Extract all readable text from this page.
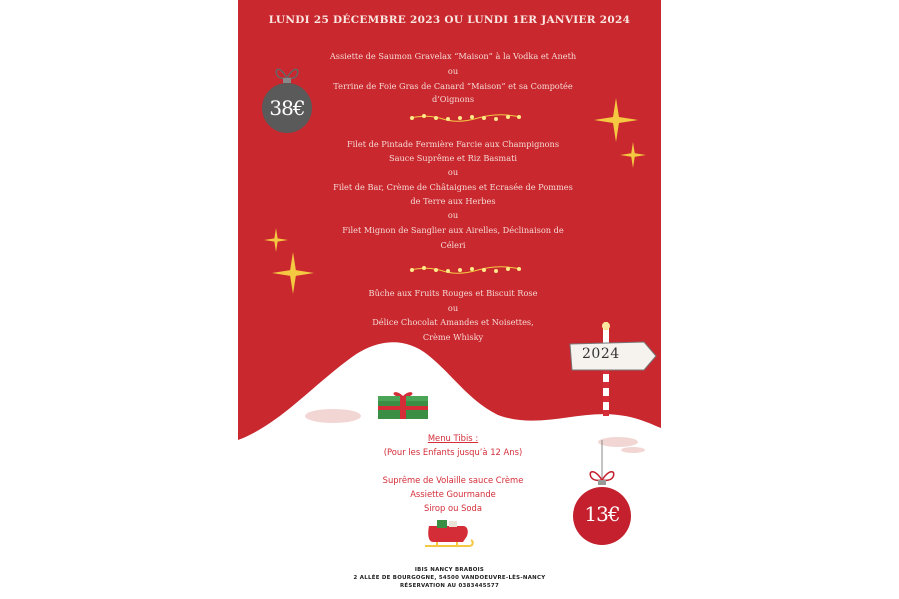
LUNDI 25 DÉCEMBRE 2023 OU LUNDI 1ER JANVIER 2024
Assiette de Saumon Gravelax “Maison” à la Vodka et Aneth
ou
Terrine de Foie Gras de Canard “Maison” et sa Compotée
d’Oignons
Filet de Pintade Fermière Farcie aux Champignons
Sauce Suprême et Riz Basmati
ou
Filet de Bar, Crème de Châtaignes et Ecrasée de Pommes
de Terre aux Herbes
ou
Filet Mignon de Sanglier aux Airelles, Déclinaison de
Céleri
Bûche aux Fruits Rouges et Biscuit Rose
ou
Délice Chocolat Amandes et Noisettes,
Crème Whisky
38€
2024
Menu Tibis :
(Pour les Enfants jusqu’à 12 Ans)
Suprême de Volaille sauce Crème
Assiette Gourmande
Sirop ou Soda	13€
IBIS NANCY BRABOIS
2 ALLÉE DE BOURGOGNE, 54500 VANDOEUVRE-LÈS-NANCY
RÉSERVATION AU 0383445577
